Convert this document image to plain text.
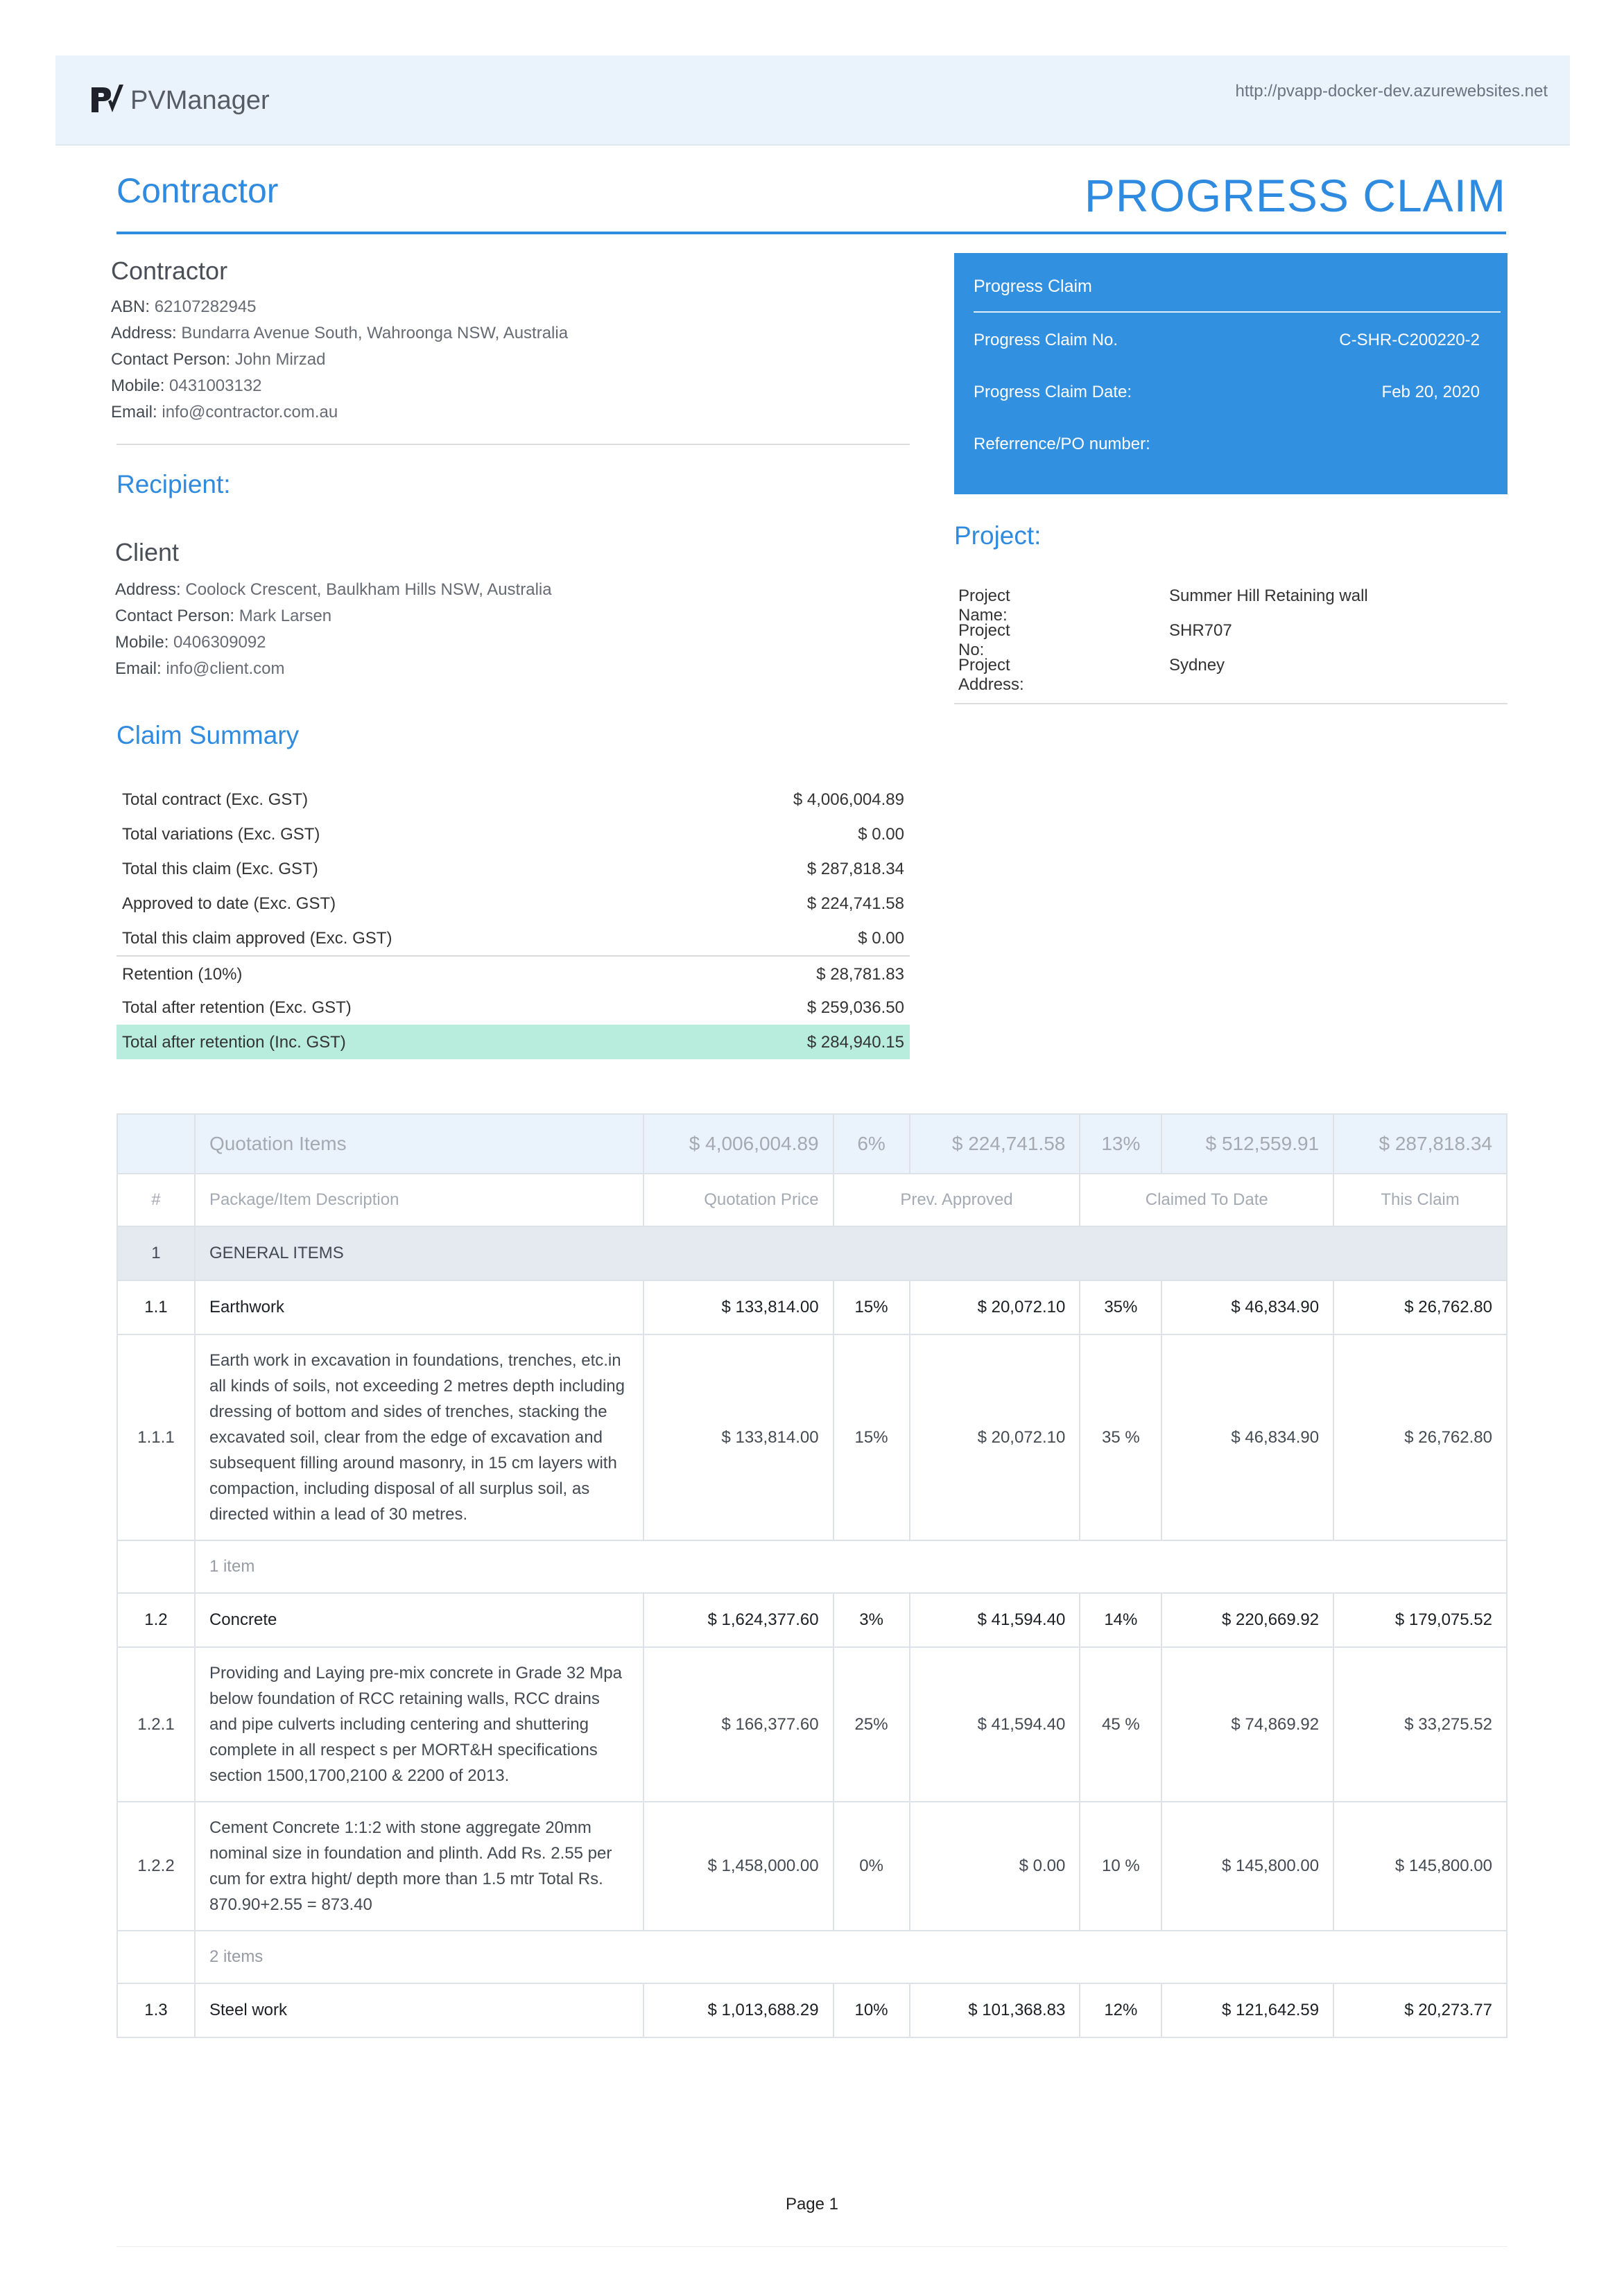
PVManager	http://pvapp-docker-dev.azurewebsites.net
Contractor	PROGRESS CLAIM
Contractor
ABN: 62107282945
Address: Bundarra Avenue South, Wahroonga NSW, Australia
Contact Person: John Mirzad
Mobile: 0431003132
Email: info@contractor.com.au
Recipient:
Client
Address: Coolock Crescent, Baulkham Hills NSW, Australia
Contact Person: Mark Larsen
Mobile: 0406309092
Email: info@client.com
Progress Claim
Progress Claim No.	C-SHR-C200220-2
Progress Claim Date:	Feb 20, 2020
Referrence/PO number:
Project:
Project Name:
Summer Hill Retaining wall
Project No:
SHR707
Project Address:
Sydney
Claim Summary
Total contract (Exc. GST)	$ 4,006,004.89
Total variations (Exc. GST)	$ 0.00
Total this claim (Exc. GST)	$ 287,818.34
Approved to date (Exc. GST)	$ 224,741.58
Total this claim approved (Exc. GST)	$ 0.00
Retention (10%)	$ 28,781.83
Total after retention (Exc. GST)	$ 259,036.50
Total after retention (Inc. GST)	$ 284,940.15
	Quotation Items	$ 4,006,004.89	6%	$ 224,741.58	13%	$ 512,559.91	$ 287,818.34
#	Package/Item Description	Quotation Price	Prev. Approved		Claimed To Date		This Claim
1	GENERAL ITEMS						
1.1	Earthwork	$ 133,814.00	15%	$ 20,072.10	35%	$ 46,834.90	$ 26,762.80
1.1.1	Earth work in excavation in foundations, trenches, etc.in all kinds of soils, not exceeding 2 metres depth including dressing of bottom and sides of trenches, stacking the excavated soil, clear from the edge of excavation and subsequent filling around masonry, in 15 cm layers with compaction, including disposal of all surplus soil, as directed within a lead of 30 metres.	$ 133,814.00	15%	$ 20,072.10	35 %	$ 46,834.90	$ 26,762.80
	1 item						
1.2	Concrete	$ 1,624,377.60	3%	$ 41,594.40	14%	$ 220,669.92	$ 179,075.52
1.2.1	Providing and Laying pre-mix concrete in Grade 32 Mpa below foundation of RCC retaining walls, RCC drains and pipe culverts including centering and shuttering complete in all respect s per MORT&H specifications section 1500,1700,2100 & 2200 of 2013.	$ 166,377.60	25%	$ 41,594.40	45 %	$ 74,869.92	$ 33,275.52
1.2.2	Cement Concrete 1:1:2 with stone aggregate 20mm nominal size in foundation and plinth. Add Rs. 2.55 per cum for extra hight/ depth more than 1.5 mtr Total Rs. 870.90+2.55 = 873.40	$ 1,458,000.00	0%	$ 0.00	10 %	$ 145,800.00	$ 145,800.00
	2 items						
1.3	Steel work	$ 1,013,688.29	10%	$ 101,368.83	12%	$ 121,642.59	$ 20,273.77
Page 1
